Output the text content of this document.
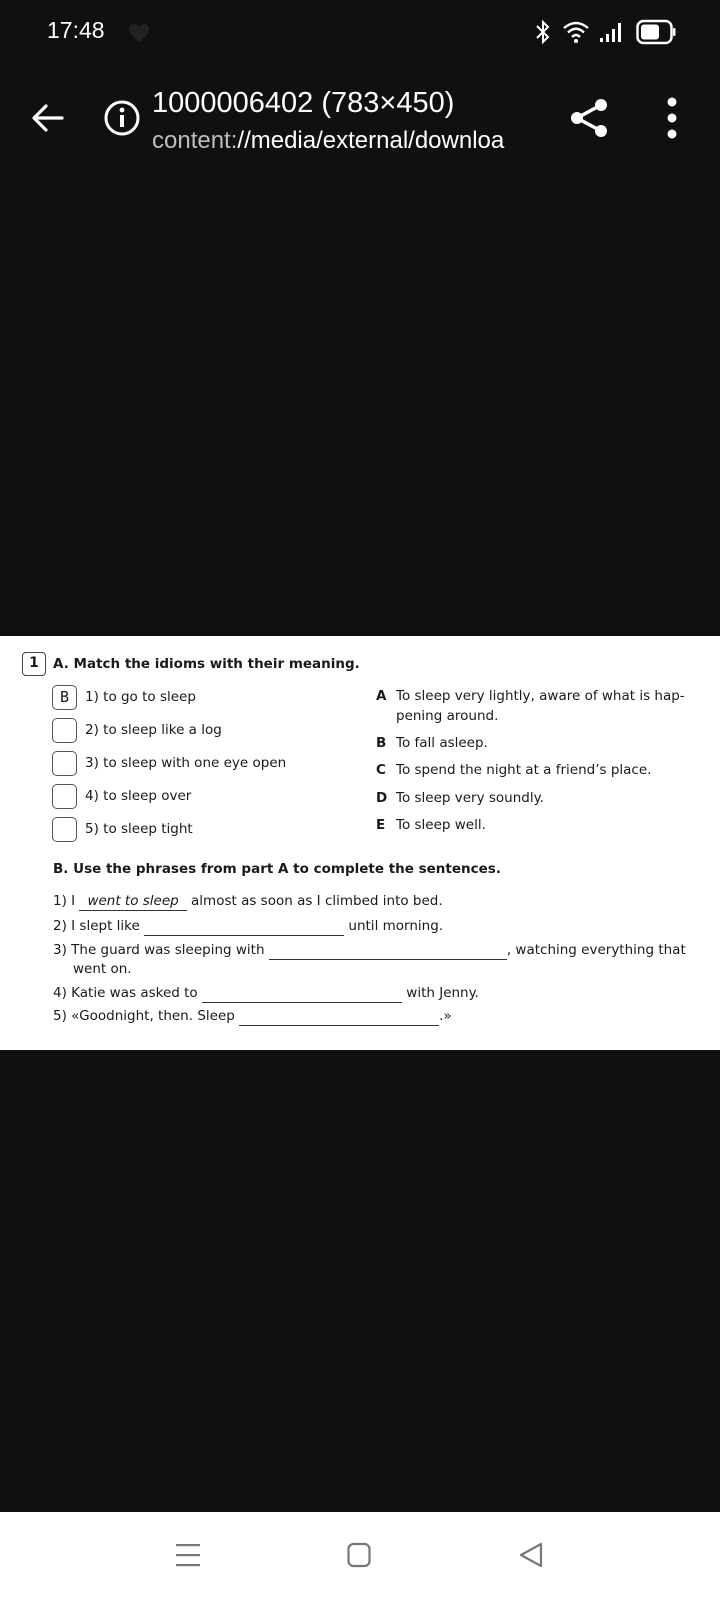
17:48
1000006402 (783×450)
content://media/external/downloa
1	A. Match the idioms with their meaning.
B	1) to go to sleep
2) to sleep like a log
3) to sleep with one eye open
4) to sleep over
5) to sleep tight
A To sleep very lightly, aware of what is hap-pening around.
B To fall asleep.
C To spend the night at a friend’s place.
D To sleep very soundly.
E To sleep well.
B. Use the phrases from part A to complete the sentences.
1) I went to sleep almost as soon as I climbed into bed.
2) I slept like	until morning.
3) The guard was sleeping with	, watching everything that
went on.
4) Katie was asked to	with Jenny.
5) «Goodnight, then. Sleep	.»
